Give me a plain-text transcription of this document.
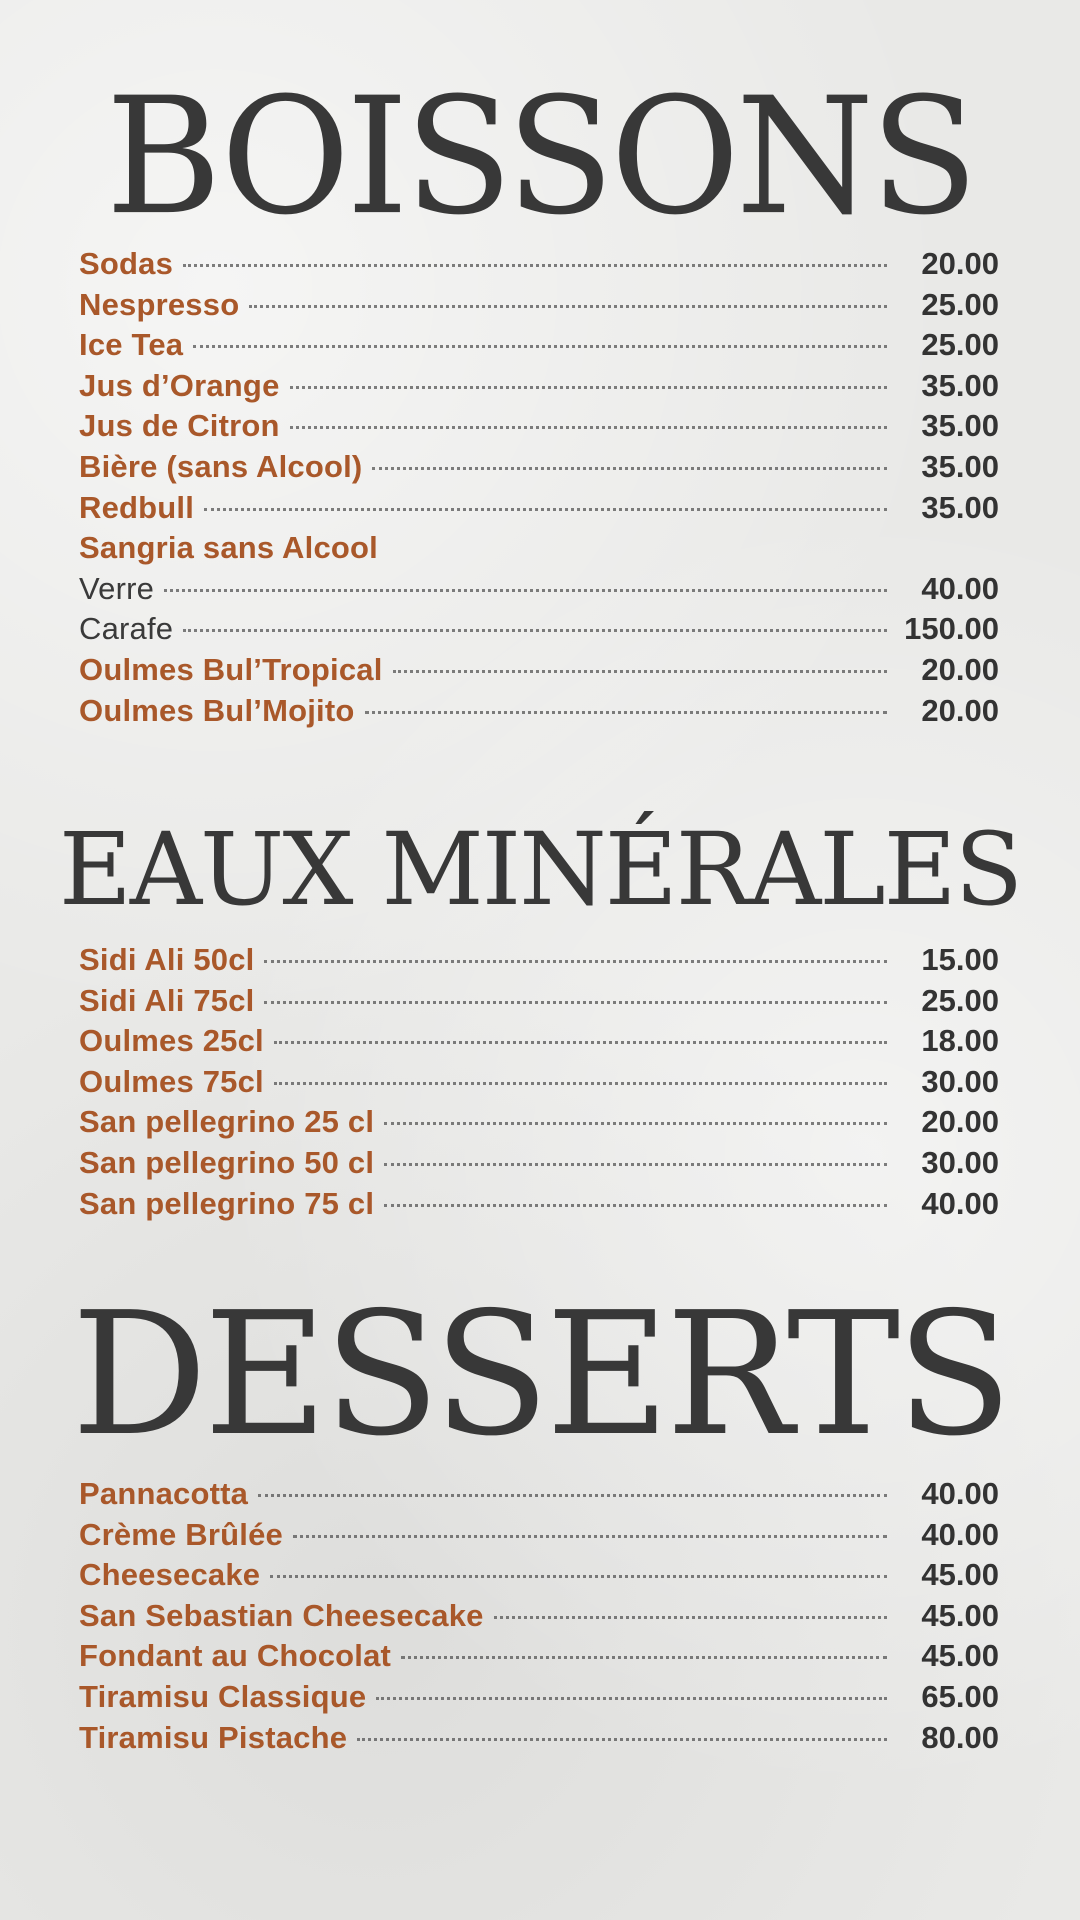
BOISSONS
Sodas	20.00
Nespresso	25.00
Ice Tea	25.00
Jus d’Orange	35.00
Jus de Citron	35.00
Bière (sans Alcool)	35.00
Redbull	35.00
Sangria sans Alcool
Verre	40.00
Carafe	150.00
Oulmes Bul’Tropical	20.00
Oulmes Bul’Mojito	20.00
EAUX MINÉRALES
Sidi Ali 50cl	15.00
Sidi Ali 75cl	25.00
Oulmes 25cl	18.00
Oulmes 75cl	30.00
San pellegrino 25 cl	20.00
San pellegrino 50 cl	30.00
San pellegrino 75 cl	40.00
DESSERTS
Pannacotta	40.00
Crème Brûlée	40.00
Cheesecake	45.00
San Sebastian Cheesecake	45.00
Fondant au Chocolat	45.00
Tiramisu Classique	65.00
Tiramisu Pistache	80.00
